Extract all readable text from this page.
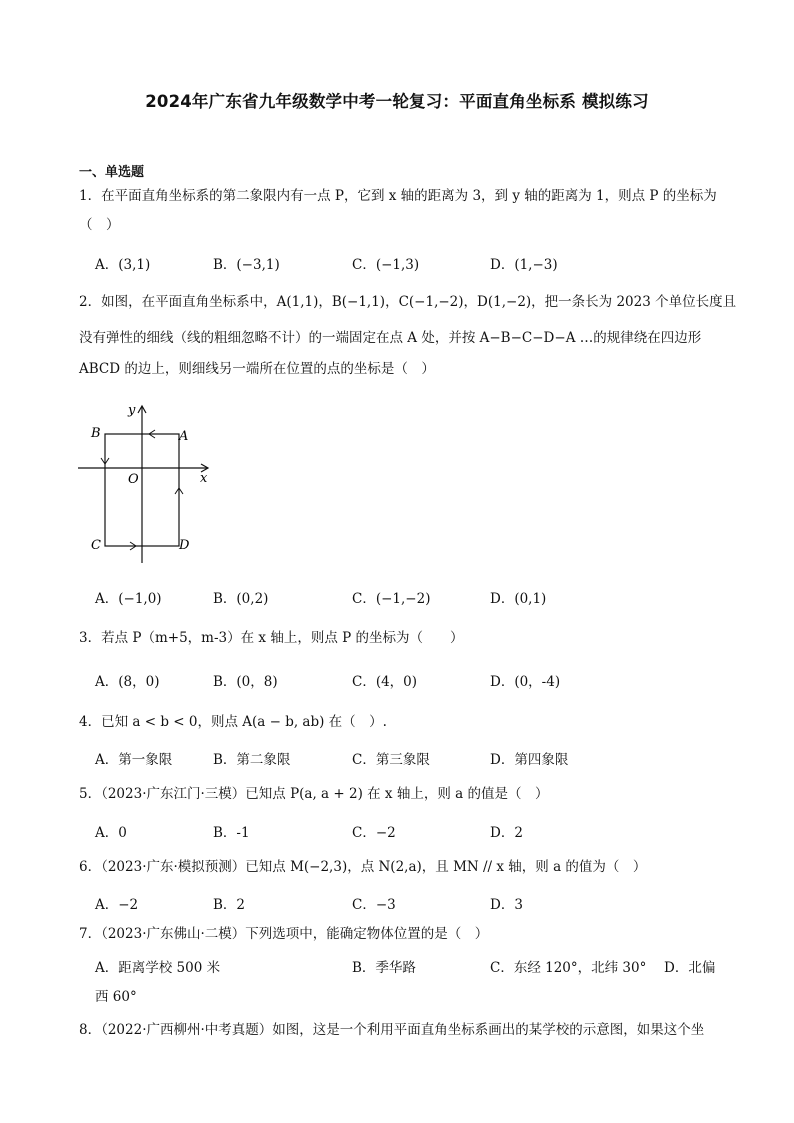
2024年广东省九年级数学中考一轮复习：平面直角坐标系 模拟练习
一、单选题
1．在平面直角坐标系的第二象限内有一点 P，它到 x 轴的距离为 3，到 y 轴的距离为 1，则点 P 的坐标为
（　）
A．(3,1)	B．(−3,1)	C．(−1,3)	D．(1,−3)
2．如图，在平面直角坐标系中，A(1,1)，B(−1,1)，C(−1,−2)，D(1,−2)，把一条长为 2023 个单位长度且
没有弹性的细线（线的粗细忽略不计）的一端固定在点 A 处，并按 A−B−C−D−A …的规律绕在四边形
ABCD 的边上，则细线另一端所在位置的点的坐标是（　）
y
x
O
A
B
C	D
A．(−1,0)	B．(0,2)	C．(−1,−2)	D．(0,1)
3．若点 P（m+5，m-3）在 x 轴上，则点 P 的坐标为（　　）
A．(8，0)	B．(0，8)	C．(4，0)	D．(0，-4)
4．已知 a < b < 0，则点 A(a − b, ab) 在（　）.
A．第一象限	B．第二象限	C．第三象限	D．第四象限
5．（2023·广东江门·三模）已知点 P(a, a + 2) 在 x 轴上，则 a 的值是（　）
A．0	B．-1	C．−2	D．2
6．（2023·广东·模拟预测）已知点 M(−2,3)，点 N(2,a)，且 MN // x 轴，则 a 的值为（　）
A．−2	B．2	C．−3	D．3
7．（2023·广东佛山·二模）下列选项中，能确定物体位置的是（　）
A．距离学校 500 米	B．季华路	C．东经 120°，北纬 30° D．北偏
西 60°
8．（2022·广西柳州·中考真题）如图，这是一个利用平面直角坐标系画出的某学校的示意图，如果这个坐
